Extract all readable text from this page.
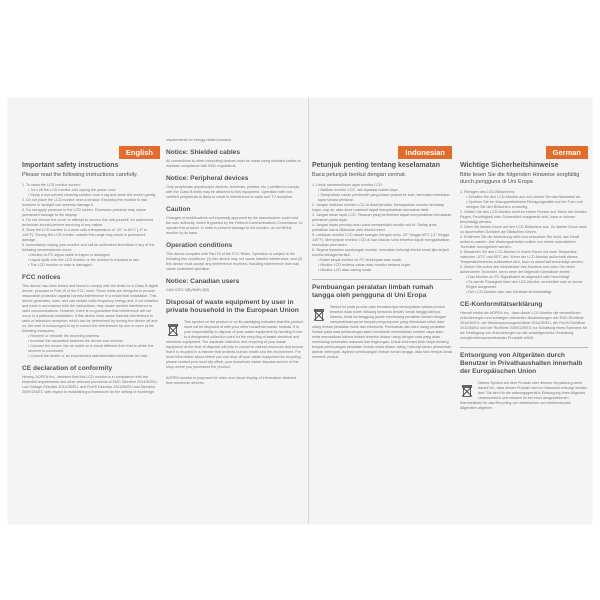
English
Important safety instructions
Please read the following instructions carefully.

1. To clean the LCD monitor screen:

• Turn off the LCD monitor and unplug the power cord.

• Spray a non-solvent cleaning solution onto a rag and clean the screen gently.

2. Do not place the LCD monitor near a window. Exposing the monitor to rain, moisture or sunlight can severely damage it.

3. Do not apply pressure to the LCD screen. Excessive pressure may cause permanent damage to the display.

4. Do not remove the cover or attempt to service this unit yourself. An authorized technician should perform servicing of any nature.

5. Store the LCD monitor in a room with a temperature of -20° to 60°C (-4° to 140°F). Storing the LCD monitor outside this range may result in permanent damage.

6. Immediately unplug your monitor and call an authorized technician if any of the following circumstances occur:

• Monitor-to-PC signal cable is frayed or damaged.

• Liquid spills onto the LCD monitor or the monitor is exposed to rain.

• The LCD monitor or case is damaged.

FCC notices

This device has been tested and found to comply with the limits for a Class B digital device, pursuant to Part 15 of the FCC rules. These limits are designed to provide reasonable protection against harmful interference in a residential installation. This device generates, uses, and can radiate radio frequency energy and, if not installed and used in accordance with the instructions, may cause harmful interference to radio communications. However, there is no guarantee that interference will not occur in a particular installation. If this device does cause harmful interference to radio or television reception, which can be determined by turning the device off and on, the user is encouraged to try to correct the interference by one or more of the following measures:

• Reorient or relocate the receiving antenna.

• Increase the separation between the device and receiver.

• Connect the device into an outlet on a circuit different from that to which the receiver is connected.

• Consult the dealer or an experienced radio/television technician for help.

CE declaration of conformity

Hereby, AOPEN Inc., declares that this LCD monitor is in compliance with the essential requirements and other relevant provisions of EMC Directive 2014/30/EU, Low Voltage Directive 2014/35/EU, and RoHS Directive 2011/65/EU and Directive 2009/125/EC with regard to establishing a framework for the setting of ecodesign

requirements for energy-related product.

Notice: Shielded cables

All connections to other computing devices must be made using shielded cables to maintain compliance with EMC regulations.

Notice: Peripheral devices

Only peripherals (input/output devices, terminals, printers, etc.) certified to comply with the Class B limits may be attached to this equipment. Operation with non-certified peripherals is likely to result in interference to radio and TV reception.

Caution

Changes or modifications not expressly approved by the manufacturer could void the user authority, which is granted by the Federal Communications Commission, to operate this product. In order to prevent damage to the monitor, do not lift the monitor by its base.

Operation conditions

This device complies with Part 15 of the FCC Rules. Operation is subject to the following two conditions: (1) this device may not cause harmful interference, and (2) this device must accept any interference received, including interference that may cause undesired operation.

Notice: Canadian users

CAN ICES-3(B)/NMB-3(B)

Disposal of waste equipment by user in private household in the European Union

This symbol on the product or on its packaging indicates that this product must not be disposed of with your other household waste. Instead, it is your responsibility to dispose of your waste equipment by handing it over to a designated collection point for the recycling of waste electrical and electronic equipment. The separate collection and recycling of your waste equipment at the time of disposal will help to conserve natural resources and ensure that it is recycled in a manner that protects human health and the environment. For more information about where you can drop off your waste equipment for recycling, please contact your local city office, your household waste disposal service or the shop where you purchased the product.

AOPEN monitor is purposed for video and visual display of information obtained from electronic devices.

Indonesian
Petunjuk penting tentang keselamatan
Baca petunjuk berikut dengan cermat.

1. Untuk membersihkan layar monitor LCD:

• Matikan monitor LCD, lalu lepaskan kabel daya.

• Semprotkan cairan pembersih yang bukan pelarut ke kain, kemudian bersihkan layar secara perlahan.

2. Jangan letakkan monitor LCD di dekat jendela. Memaparkan monitor terhadap hujan, uap air, atau sinar matahari dapat menyebabkan kerusakan fatal.

3. Jangan tekan layar LCD. Tekanan yang berlebihan dapat menyebabkan kerusakan permanen pada layar.

4. Jangan lepas penutup atau coba memperbaiki sendiri unit ini. Setiap jenis perbaikan harus dilakukan oleh teknisi resmi.

5. Letakkan monitor LCD dalam ruangan dengan suhu -20° hingga 60°C (-4° hingga 140°F). Menyimpan monitor LCD di luar kisaran suhu tersebut dapat mengakibatkan kerusakan permanen.

6. Segera lepaskan sambungan monitor, kemudian hubungi teknisi resmi jika terjadi kondisi sebagai berikut:

• Kabel sinyal monitor ke PC terkelupas atau rusak.

• Monitor LCD terkena cairan atau monitor terkena hujan.

• Monitor LCD atau casing rusak.

Pembuangan peralatan limbah rumah tangga oleh pengguna di Uni Eropa

Simbol ini pada produk atau kemasannya menunjukkan bahwa produk tersebut tidak boleh dibuang bersama limbah rumah tangga lainnya. Namun, Anda bertanggung jawab membuang peralatan limbah dengan menyerahkannya ke tempat pengumpulan yang ditentukan untuk daur ulang limbah peralatan listrik dan elektronik. Pemisahan dan daur ulang peralatan limbah pada saat pembuangan akan membantu melestarikan sumber daya alam serta memastikan bahwa limbah tersebut didaur ulang dengan cara yang akan melindungi kesehatan manusia dan lingkungan. Untuk informasi lebih lanjut tentang tempat pembuangan peralatan limbah untuk didaur ulang, hubungi kantor pemerintah daerah setempat, layanan pembuangan limbah rumah tangga, atau toko tempat Anda membeli produk.

German
Wichtige Sicherheitshinweise
Bitte lesen Sie die folgenden Hinweise sorgfältig durch.pengguna di Uni Eropa

1. Reinigen des LCD-Bildschirms:

• Schalten Sie den LCD-Monitor aus und ziehen Sie das Netzkabel ab.

• Sprühen Sie ein lösungsmittelfreies Reinigungsmittel auf ein Tuch und reinigen Sie den Bildschirm vorsichtig.

2. Stellen Sie den LCD-Monitor nicht an einem Fenster auf. Wenn der Monitor Regen, Feuchtigkeit oder Sonnenlicht ausgesetzt wird, kann er schwer beschädigt werden.

3. Üben Sie keinen Druck auf den LCD-Bildschirm aus. Zu starker Druck kann zu dauerhaften Schäden am Bildschirm führen.

4. Entfernen Sie die Abdeckung nicht und versuchen Sie nicht, das Gerät selbst zu warten. Alle Wartungsarbeiten sollten von einem autorisierten Techniker durchgeführt werden.

5. Bewahren Sie den LCD-Monitor in einem Raum mit einer Temperatur zwischen -20°C und 60°C auf. Wenn der LCD-Monitor außerhalb dieses Temperaturbereichs aufbewahrt wird, kann er dauerhaft beschädigt werden.

6. Ziehen Sie sofort den Netzstecker des Monitors und rufen Sie einen autorisierten Techniker, wenn einer der folgenden Umstände eintritt:

• Das Monitor-zu-PC-Signalkabel ist abgenutzt oder beschädigt.

• Es wurde Flüssigkeit über den LCD-Monitor verschüttet oder er wurde Regen ausgesetzt.

• Der LCD-Monitor oder das Gehäuse ist beschädigt.

CE-Konformitätserklärung

Hiermit erklärt die AOPEN Inc., dass dieser LCD-Monitor die wesentlichen Anforderungen und sonstigen relevanten Bestimmungen der EMV-Richtlinie 2014/30/EU, der Niederspannungsrichtlinie 2014/35/EU, der RoHS-Richtlinie 2011/65/EU und der Richtlinie 2009/125/EG zur Schaffung eines Rahmens für die Festlegung von Anforderungen an die umweltgerechte Gestaltung energieverbrauchsrelevanter Produkte erfüllt.

Entsorgung von Altgeräten durch Benutzer in Privathaushalten innerhalb der Europäischen Union

Dieses Symbol auf dem Produkt oder dessen Verpackung weist darauf hin, dass dieses Produkt nicht im Hausmüll entsorgt werden darf. Sie sind für die ordnungsgemäße Entsorgung Ihres Altgeräts verantwortlich und müssen es bei einer ausgewiesenen Sammelstelle für das Recycling von elektrischen und elektronischen Altgeräten abgeben.
